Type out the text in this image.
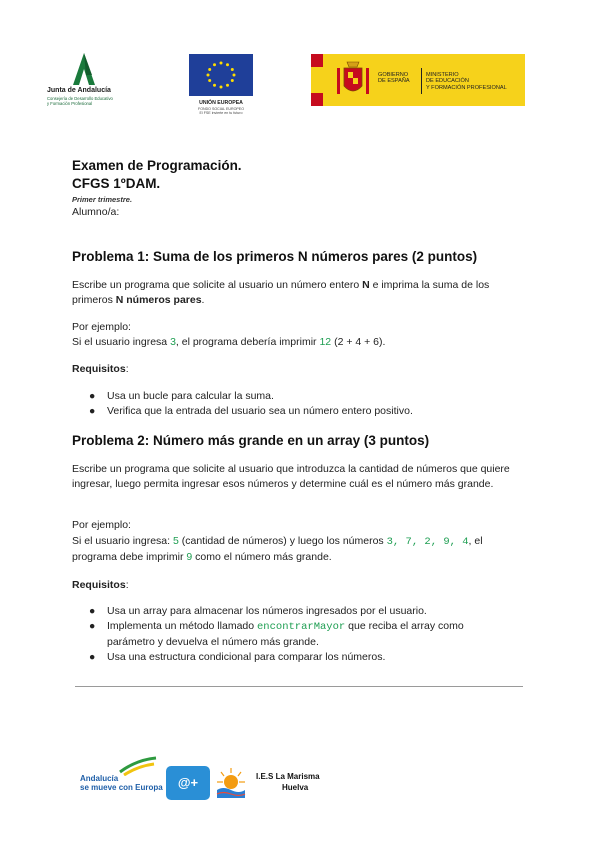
Junta de Andalucía
Consejería de Desarrollo Educativo
y Formación Profesional	UNIÓN EUROPEA
FONDO SOCIAL EUROPEO
El FSE invierte en tu futuro
GOBIERNO
DE ESPAÑA
MINISTERIO
DE EDUCACIÓN
Y FORMACIÓN PROFESIONAL
Examen de Programación.
CFGS 1ºDAM.
Primer trimestre.
Alumno/a:
Problema 1: Suma de los primeros N números pares (2 puntos)
Escribe un programa que solicite al usuario un número entero N e imprima la suma de los primeros N números pares.
Por ejemplo:
Si el usuario ingresa 3, el programa debería imprimir 12 (2 + 4 + 6).
Requisitos:
● Usa un bucle para calcular la suma.
● Verifica que la entrada del usuario sea un número entero positivo.
Problema 2: Número más grande en un array (3 puntos)
Escribe un programa que solicite al usuario que introduzca la cantidad de números que quiere ingresar, luego permita ingresar esos números y determine cuál es el número más grande.
Por ejemplo:
Si el usuario ingresa: 5 (cantidad de números) y luego los números 3, 7, 2, 9, 4, el programa debe imprimir 9 como el número más grande.
Requisitos:
● Usa un array para almacenar los números ingresados por el usuario.
● Implementa un método llamado encontrarMayor que reciba el array como parámetro y devuelva el número más grande.
● Usa una estructura condicional para comparar los números.
Andalucía
se mueve con Europa	@+	I.E.S La Marisma
Huelva
